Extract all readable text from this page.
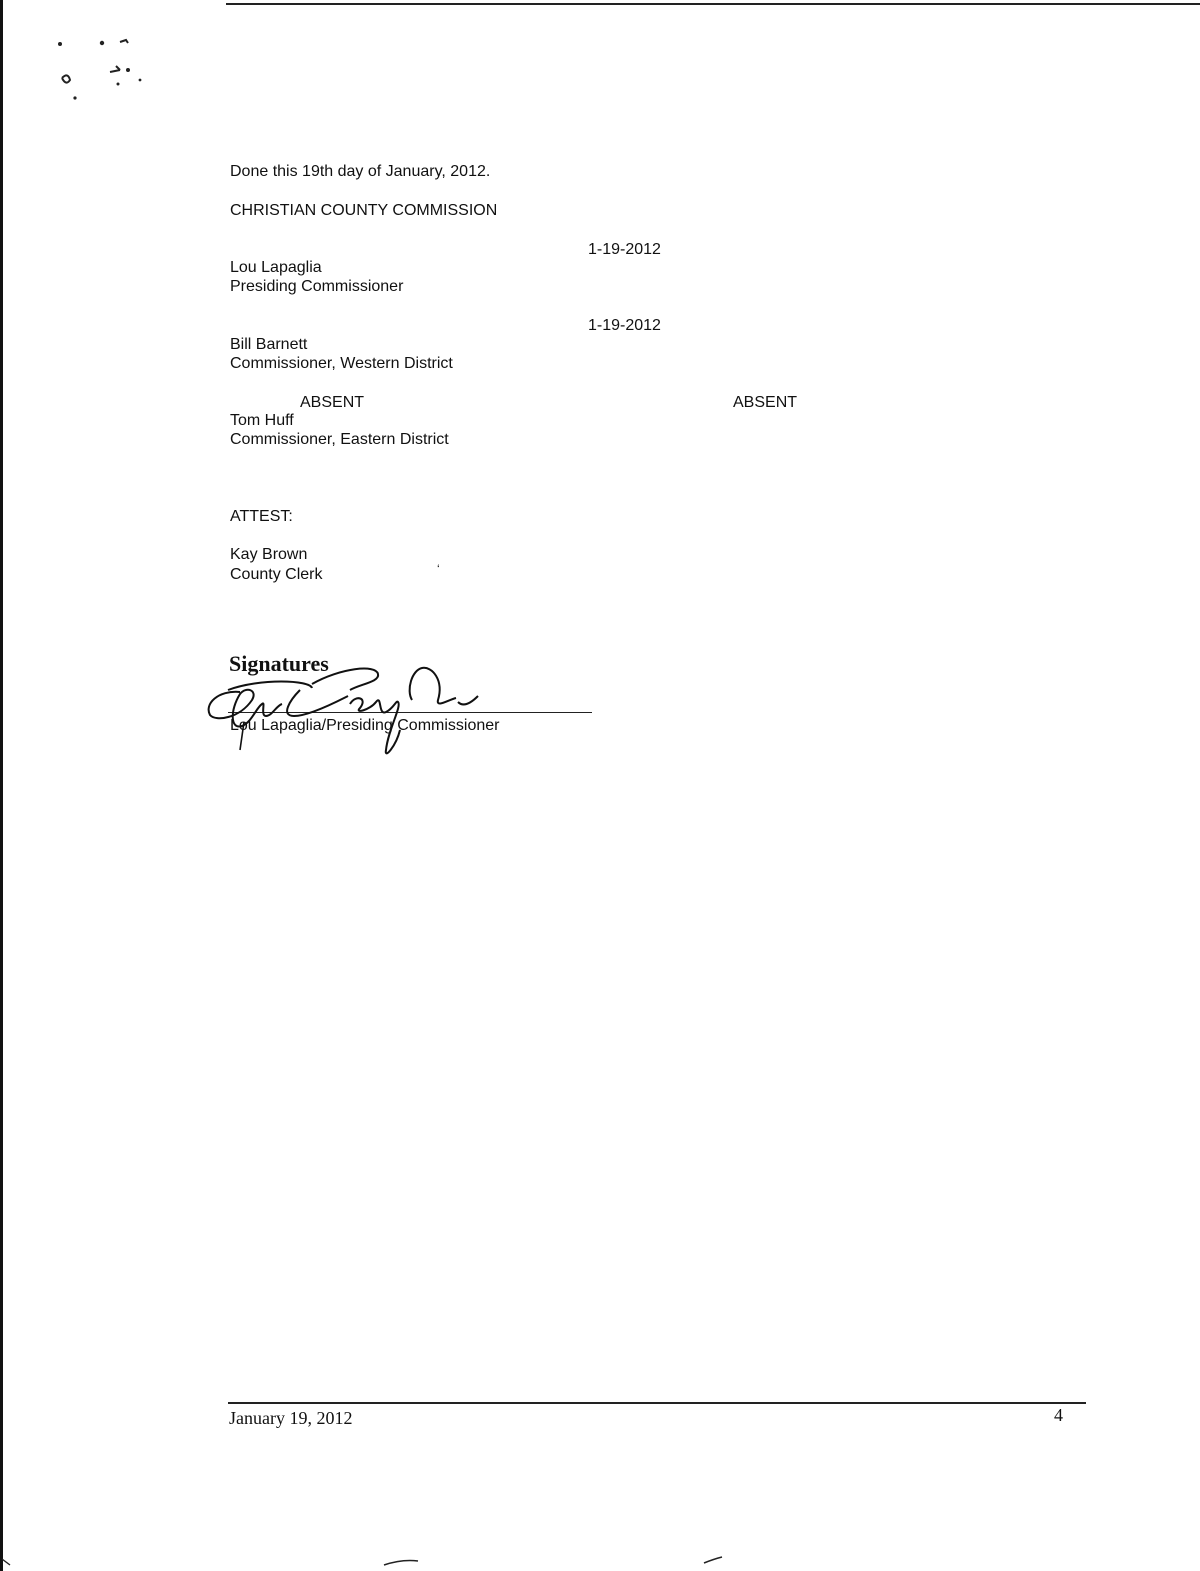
Done this 19th day of January, 2012.
CHRISTIAN COUNTY COMMISSION
1-19-2012
Lou Lapaglia
Presiding Commissioner
1-19-2012
Bill Barnett
Commissioner, Western District
ABSENT	ABSENT
Tom Huff
Commissioner, Eastern District
ATTEST:
Kay Brown
County Clerk	‘
Signatures
Lou Lapaglia/Presiding Commissioner
January 19, 2012	4
